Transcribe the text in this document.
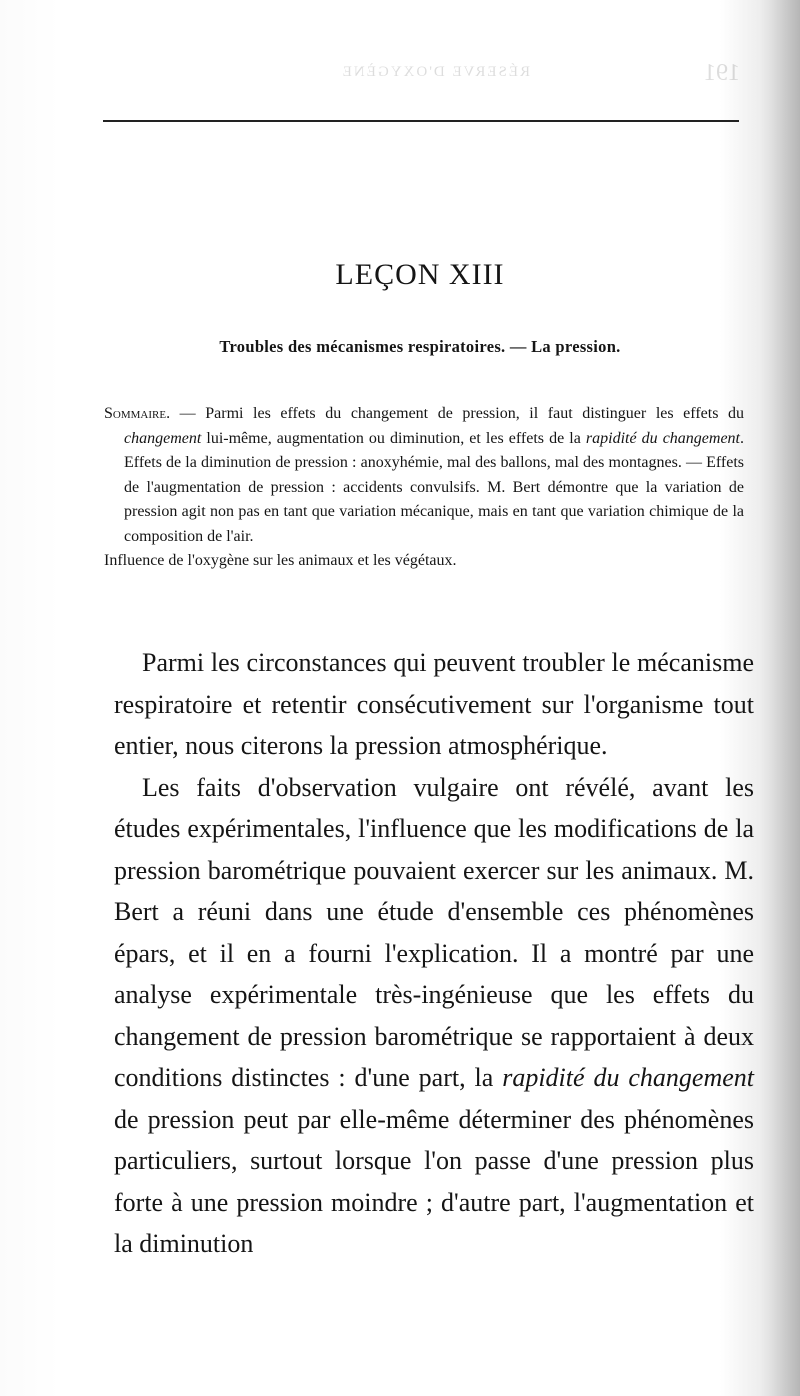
191
RÉSERVE D'OXYGÈNE
LEÇON XIII
Troubles des mécanismes respiratoires. — La pression.

Sommaire. — Parmi les effets du changement de pression, il faut distinguer les effets du changement lui-même, augmentation ou diminution, et les effets de la rapidité du changement. Effets de la diminution de pression : anoxyhémie, mal des ballons, mal des montagnes. — Effets de l'augmentation de pression : accidents convulsifs. M. Bert démontre que la variation de pression agit non pas en tant que variation mécanique, mais en tant que variation chimique de la composition de l'air.

Influence de l'oxygène sur les animaux et les végétaux.

Parmi les circonstances qui peuvent troubler le mécanisme respiratoire et retentir consécutivement sur l'organisme tout entier, nous citerons la pression atmosphérique.

Les faits d'observation vulgaire ont révélé, avant les études expérimentales, l'influence que les modifications de la pression barométrique pouvaient exercer sur les animaux. M. Bert a réuni dans une étude d'ensemble ces phénomènes épars, et il en a fourni l'explication. Il a montré par une analyse expérimentale très-ingénieuse que les effets du changement de pression barométrique se rapportaient à deux conditions distinctes : d'une part, la rapidité du changement de pression peut par elle-même déterminer des phénomènes particuliers, surtout lorsque l'on passe d'une pression plus forte à une pression moindre ; d'autre part, l'augmentation et la diminution
